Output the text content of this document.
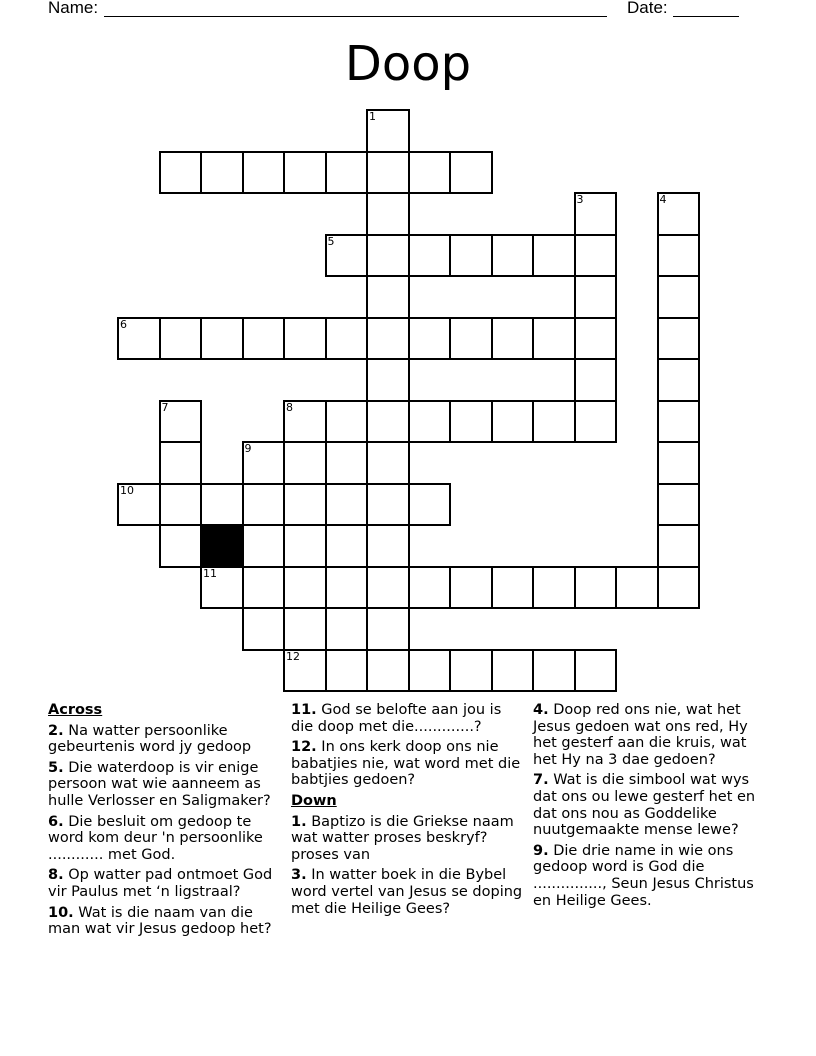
Name:	Date:
Doop
1
3	4
5
6
7	8
9
10
11
12
Across
2. Na watter persoonlike gebeurtenis word jy gedoop
5. Die waterdoop is vir enige persoon wat wie aanneem as hulle Verlosser en Saligmaker?
6. Die besluit om gedoop te word kom deur 'n persoonlike ............ met God.
8. Op watter pad ontmoet God vir Paulus met ‘n ligstraal?
10. Wat is die naam van die man wat vir Jesus gedoop het?
11. God se belofte aan jou is die doop met die.............?
12. In ons kerk doop ons nie babatjies nie, wat word met die babtjies gedoen?
Down
1. Baptizo is die Griekse naam wat watter proses beskryf? proses van
3. In watter boek in die Bybel word vertel van Jesus se doping met die Heilige Gees?
4. Doop red ons nie, wat het Jesus gedoen wat ons red, Hy het gesterf aan die kruis, wat het Hy na 3 dae gedoen?
7. Wat is die simbool wat wys dat ons ou lewe gesterf het en dat ons nou as Goddelike nuutgemaakte mense lewe?
9. Die drie name in wie ons gedoop word is God die ..............., Seun Jesus Christus en Heilige Gees.
